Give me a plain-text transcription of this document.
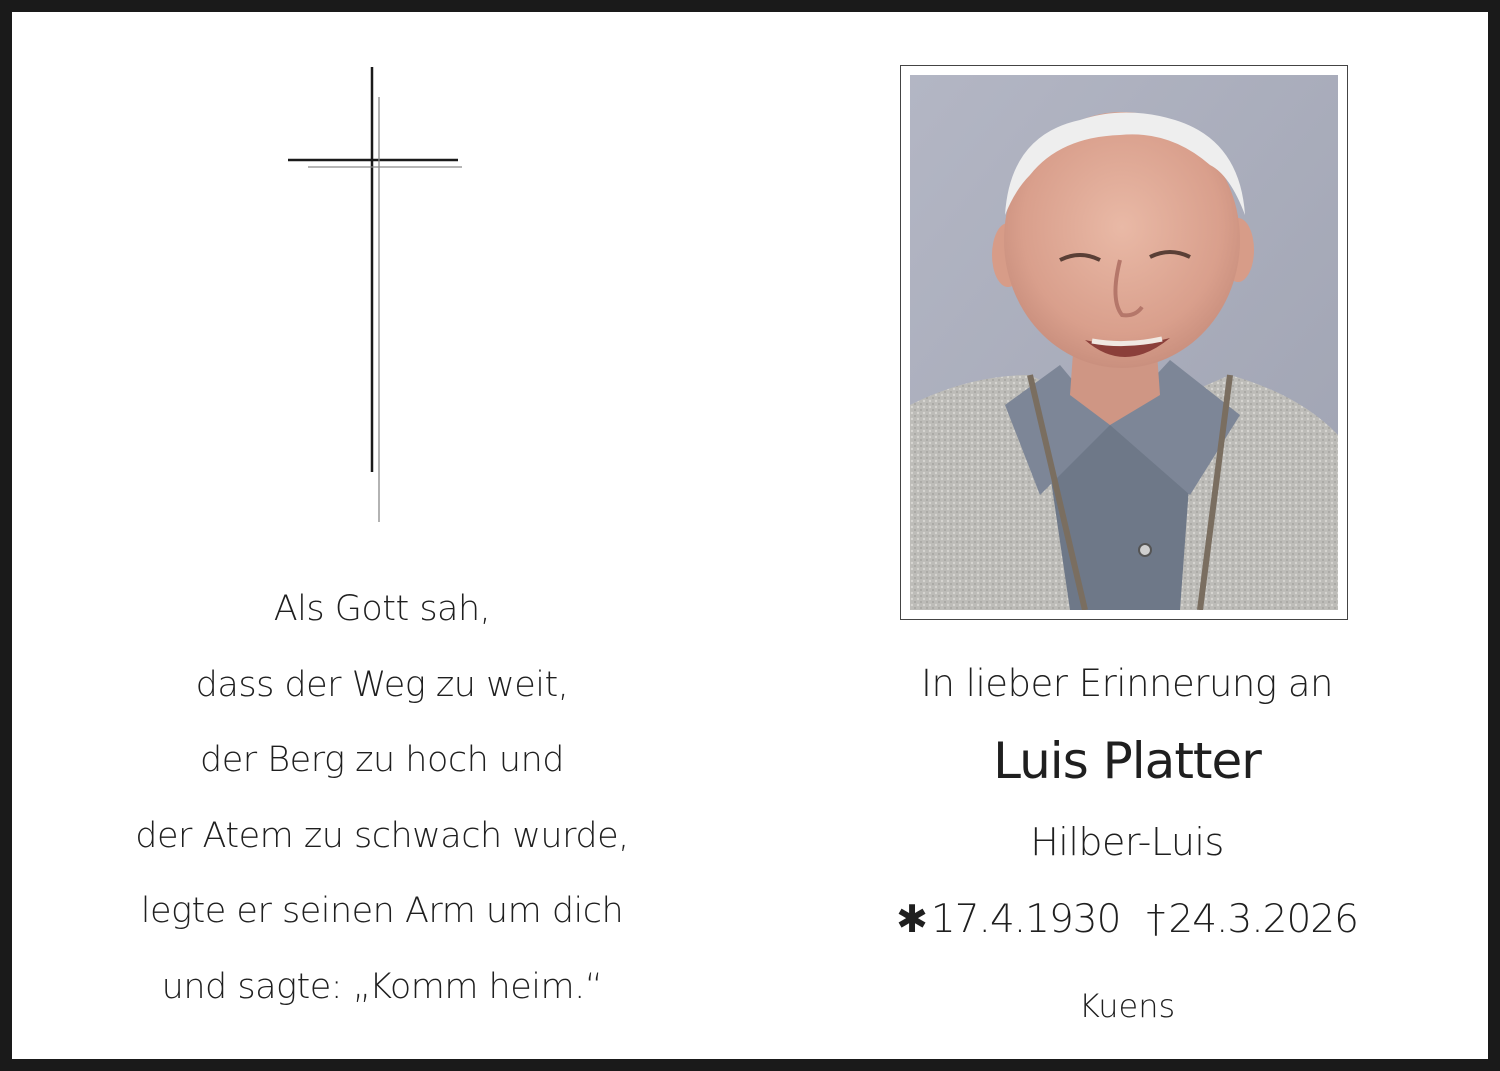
Als Gott sah,
dass der Weg zu weit,
der Berg zu hoch und
der Atem zu schwach wurde,
legte er seinen Arm um dich
und sagte: „Komm heim.“
In lieber Erinnerung an
Luis Platter
Hilber-Luis
✱ 17.4.1930 † 24.3.2026
Kuens
